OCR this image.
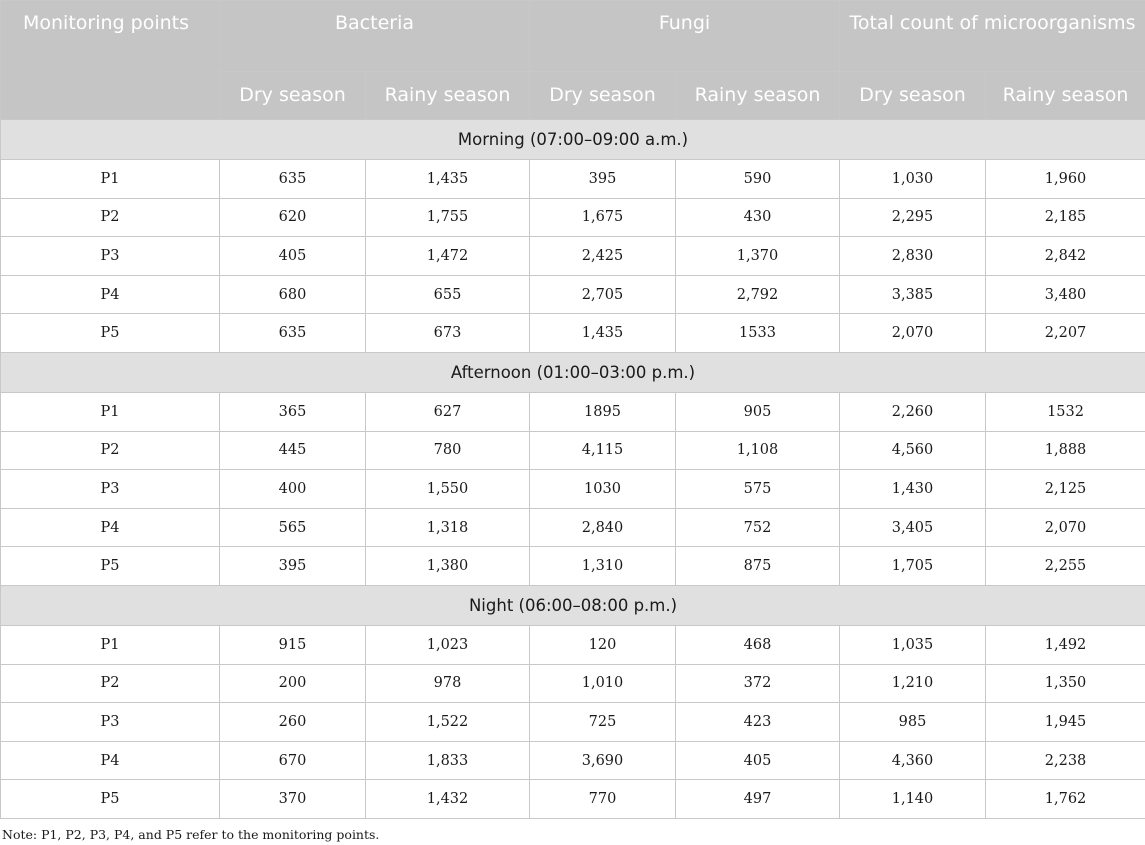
Monitoring points	Bacteria		Fungi		Total count of microorganisms	
	Dry season	Rainy season	Dry season	Rainy season	Dry season	Rainy season
Morning (07:00–09:00 a.m.)						
P1	635	1,435	395	590	1,030	1,960
P2	620	1,755	1,675	430	2,295	2,185
P3	405	1,472	2,425	1,370	2,830	2,842
P4	680	655	2,705	2,792	3,385	3,480
P5	635	673	1,435	1533	2,070	2,207
Afternoon (01:00–03:00 p.m.)						
P1	365	627	1895	905	2,260	1532
P2	445	780	4,115	1,108	4,560	1,888
P3	400	1,550	1030	575	1,430	2,125
P4	565	1,318	2,840	752	3,405	2,070
P5	395	1,380	1,310	875	1,705	2,255
Night (06:00–08:00 p.m.)						
P1	915	1,023	120	468	1,035	1,492
P2	200	978	1,010	372	1,210	1,350
P3	260	1,522	725	423	985	1,945
P4	670	1,833	3,690	405	4,360	2,238
P5	370	1,432	770	497	1,140	1,762
Note: P1, P2, P3, P4, and P5 refer to the monitoring points.
